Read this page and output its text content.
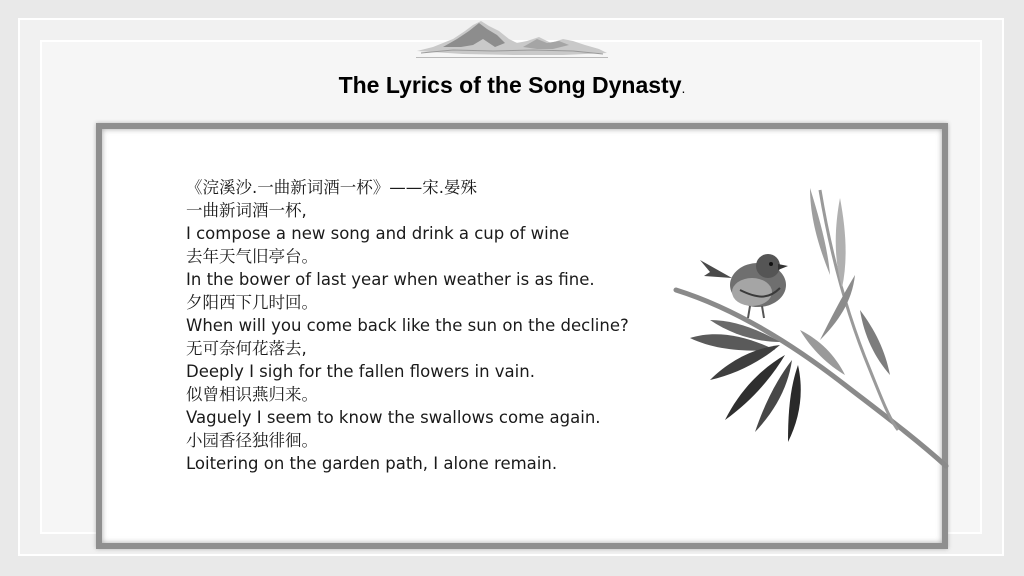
The Lyrics of the Song Dynasty.
《浣溪沙.一曲新词酒一杯》——宋.晏殊
一曲新词酒一杯,
I compose a new song and drink a cup of wine
去年天气旧亭台。
In the bower of last year when weather is as fine.
夕阳西下几时回。
When will you come back like the sun on the decline?
无可奈何花落去,
Deeply I sigh for the fallen flowers in vain.
似曾相识燕归来。
Vaguely I seem to know the swallows come again.
小园香径独徘徊。
Loitering on the garden path, I alone remain.
